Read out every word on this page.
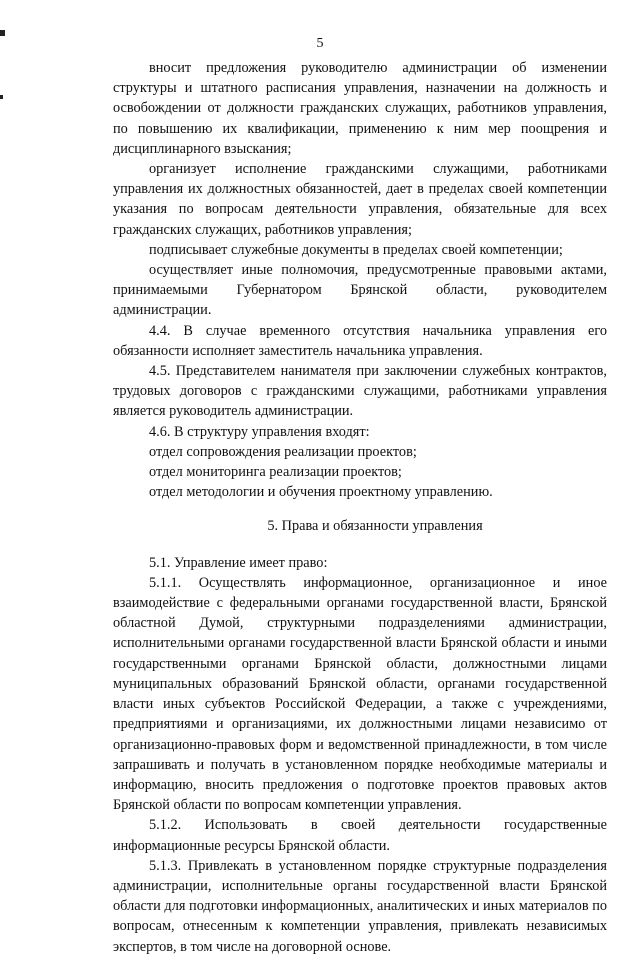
5

вносит предложения руководителю администрации об изменении структуры и штатного расписания управления, назначении на должность и освобождении от должности гражданских служащих, работников управления, по повышению их квалификации, применению к ним мер поощрения и дисциплинарного взыскания;

организует исполнение гражданскими служащими, работниками управления их должностных обязанностей, дает в пределах своей компетенции указания по вопросам деятельности управления, обязательные для всех гражданских служащих, работников управления;

подписывает служебные документы в пределах своей компетенции;

осуществляет иные полномочия, предусмотренные правовыми актами, принимаемыми Губернатором Брянской области, руководителем администрации.

4.4. В случае временного отсутствия начальника управления его обязанности исполняет заместитель начальника управления.

4.5. Представителем нанимателя при заключении служебных контрактов, трудовых договоров с гражданскими служащими, работниками управления является руководитель администрации.

4.6. В структуру управления входят:

отдел сопровождения реализации проектов;

отдел мониторинга реализации проектов;

отдел методологии и обучения проектному управлению.

5. Права и обязанности управления

5.1. Управление имеет право:

5.1.1. Осуществлять информационное, организационное и иное взаимодействие с федеральными органами государственной власти, Брянской областной Думой, структурными подразделениями администрации, исполнительными органами государственной власти Брянской области и иными государственными органами Брянской области, должностными лицами муниципальных образований Брянской области, органами государственной власти иных субъектов Российской Федерации, а также с учреждениями, предприятиями и организациями, их должностными лицами независимо от организационно-правовых форм и ведомственной принадлежности, в том числе запрашивать и получать в установленном порядке необходимые материалы и информацию, вносить предложения о подготовке проектов правовых актов Брянской области по вопросам компетенции управления.

5.1.2. Использовать в своей деятельности государственные информационные ресурсы Брянской области.

5.1.3. Привлекать в установленном порядке структурные подразделения администрации, исполнительные органы государственной власти Брянской области для подготовки информационных, аналитических и иных материалов по вопросам, отнесенным к компетенции управления, привлекать независимых экспертов, в том числе на договорной основе.
